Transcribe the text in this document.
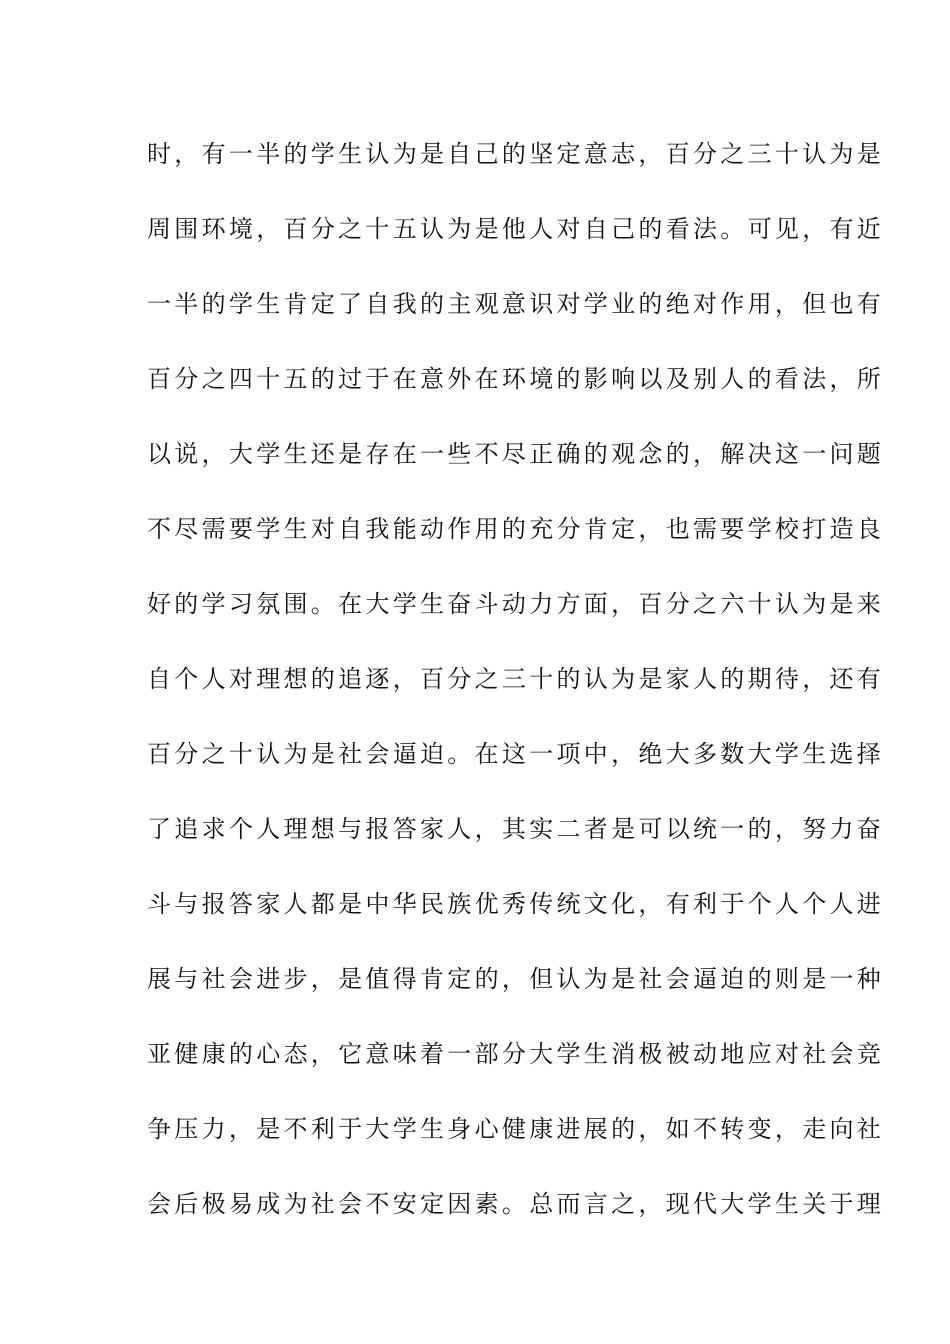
时，有一半的学生认为是自己的坚定意志，百分之三十认为是
周围环境，百分之十五认为是他人对自己的看法。可见，有近
一半的学生肯定了自我的主观意识对学业的绝对作用，但也有
百分之四十五的过于在意外在环境的影响以及别人的看法，所
以说，大学生还是存在一些不尽正确的观念的，解决这一问题
不尽需要学生对自我能动作用的充分肯定，也需要学校打造良
好的学习氛围。在大学生奋斗动力方面，百分之六十认为是来
自个人对理想的追逐，百分之三十的认为是家人的期待，还有
百分之十认为是社会逼迫。在这一项中，绝大多数大学生选择
了追求个人理想与报答家人，其实二者是可以统一的，努力奋
斗与报答家人都是中华民族优秀传统文化，有利于个人个人进
展与社会进步，是值得肯定的，但认为是社会逼迫的则是一种
亚健康的心态，它意味着一部分大学生消极被动地应对社会竞
争压力，是不利于大学生身心健康进展的，如不转变，走向社
会后极易成为社会不安定因素。总而言之，现代大学生关于理
